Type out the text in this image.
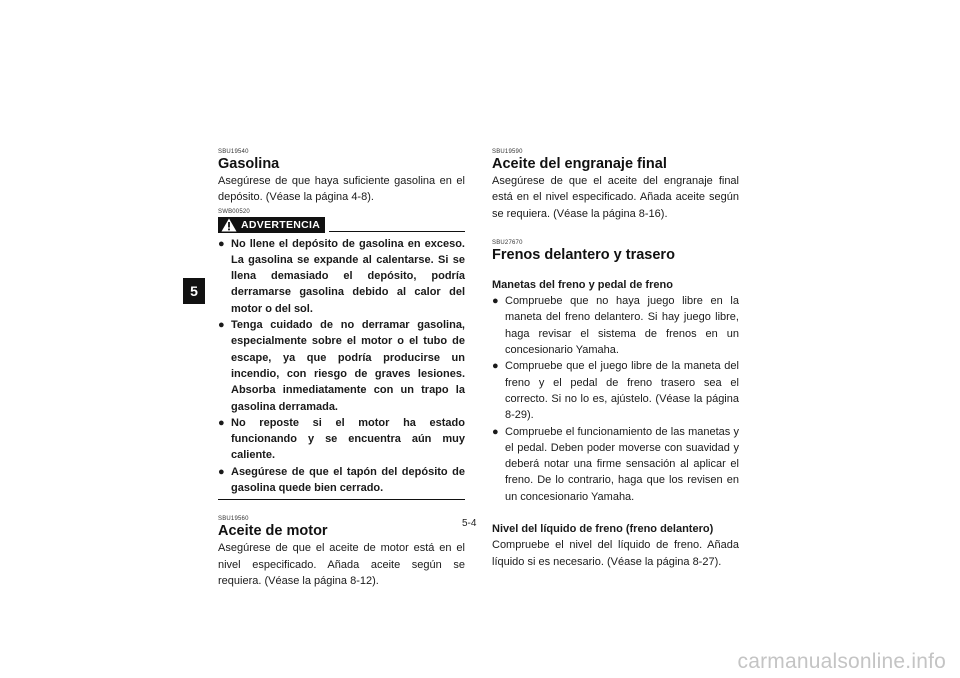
5
SBU19540
Gasolina

Asegúrese de que haya suficiente gasolina en el depósito. (Véase la página 4-8).

SWB00520
ADVERTENCIA
● No llene el depósito de gasolina en exceso. La gasolina se expande al calentarse. Si se llena demasiado el depósito, podría derramarse gasolina debido al calor del motor o del sol.
● Tenga cuidado de no derramar gasolina, especialmente sobre el motor o el tubo de escape, ya que podría producirse un incendio, con riesgo de graves lesiones. Absorba inmediatamente con un trapo la gasolina derramada.
● No reposte si el motor ha estado funcionando y se encuentra aún muy caliente.
● Asegúrese de que el tapón del depósito de gasolina quede bien cerrado.
SBU19560
Aceite de motor

Asegúrese de que el aceite de motor está en el nivel especificado. Añada aceite según se requiera. (Véase la página 8-12).

SBU19590
Aceite del engranaje final

Asegúrese de que el aceite del engranaje final está en el nivel especificado. Añada aceite según se requiera. (Véase la página 8-16).

SBU27670
Frenos delantero y trasero
Manetas del freno y pedal de freno
● Compruebe que no haya juego libre en la maneta del freno delantero. Si hay juego libre, haga revisar el sistema de frenos en un concesionario Yamaha.
● Compruebe que el juego libre de la maneta del freno y el pedal de freno trasero sea el correcto. Si no lo es, ajústelo. (Véase la página 8-29).
● Compruebe el funcionamiento de las manetas y el pedal. Deben poder moverse con suavidad y deberá notar una firme sensación al aplicar el freno. De lo contrario, haga que los revisen en un concesionario Yamaha.
Nivel del líquido de freno (freno delantero)

Compruebe el nivel del líquido de freno. Añada líquido si es necesario. (Véase la página 8-27).

5-4
carmanualsonline.info
